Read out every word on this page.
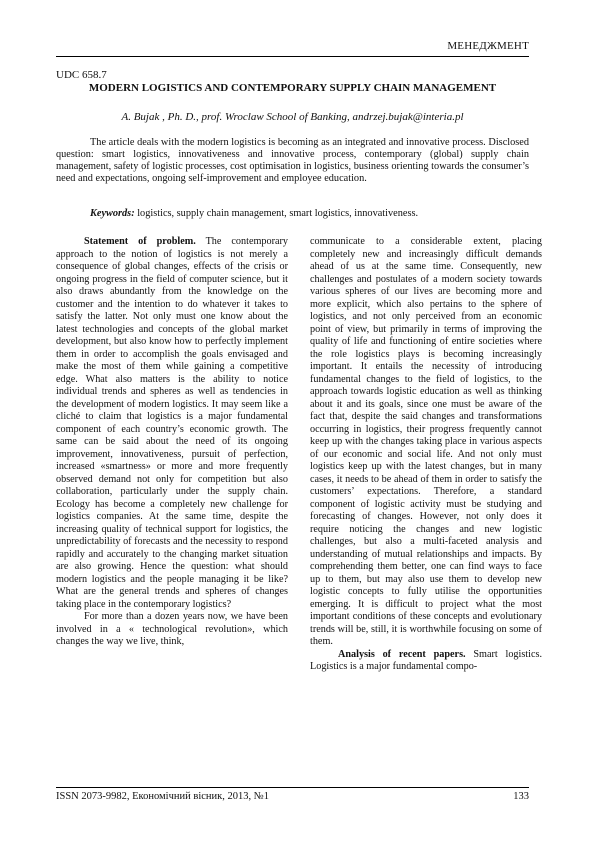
МЕНЕДЖМЕНТ
UDC 658.7
MODERN LOGISTICS AND CONTEMPORARY SUPPLY CHAIN MANAGEMENT
A. Bujak , Ph. D., prof. Wroclaw School of Banking, andrzej.bujak@interia.pl

The article deals with the modern logistics is becoming as an integrated and innovative process. Disclosed question: smart logistics, innovativeness and innovative process, contemporary (global) supply chain management, safety of logistic processes, cost optimisation in logistics, business orienting towards the consumer’s need and expectations, ongoing self-improvement and employee education.

Keywords: logistics, supply chain management, smart logistics, innovativeness.

Statement of problem. The contemporary approach to the notion of logistics is not merely a consequence of global changes, effects of the crisis or ongoing progress in the field of computer science, but it also draws abundantly from the knowledge on the customer and the intention to do whatever it takes to satisfy the latter. Not only must one know about the latest technologies and concepts of the global market development, but also know how to perfectly implement them in order to accomplish the goals envisaged and make the most of them while gaining a competitive edge. What also matters is the ability to notice individual trends and spheres as well as tendencies in the development of modern logistics. It may seem like a cliché to claim that logistics is a major fundamental component of each country’s economic growth. The same can be said about the need of its ongoing improvement, innovativeness, pursuit of perfection, increased «smartness» or more and more frequently observed demand not only for competition but also collaboration, particularly under the supply chain. Ecology has become a completely new challenge for logistics companies. At the same time, despite the increasing quality of technical support for logistics, the unpredictability of forecasts and the necessity to respond rapidly and accurately to the changing market situation are also growing. Hence the question: what should modern logistics and the people managing it be like? What are the general trends and spheres of changes taking place in the contemporary logistics?

For more than a dozen years now, we have been involved in a « technological revolution», which changes the way we live, think,

communicate to a considerable extent, placing completely new and increasingly difficult demands ahead of us at the same time. Consequently, new challenges and postulates of a modern society towards various spheres of our lives are becoming more and more explicit, which also pertains to the sphere of logistics, and not only perceived from an economic point of view, but primarily in terms of improving the quality of life and functioning of entire societies where the role logistics plays is becoming increasingly important. It entails the necessity of introducing fundamental changes to the field of logistics, to the approach towards logistic education as well as thinking about it and its goals, since one must be aware of the fact that, despite the said changes and transformations occurring in logistics, their progress frequently cannot keep up with the changes taking place in various aspects of our economic and social life. And not only must logistics keep up with the latest changes, but in many cases, it needs to be ahead of them in order to satisfy the customers’ expectations. Therefore, a standard component of logistic activity must be studying and forecasting of changes. However, not only does it require noticing the changes and new logistic challenges, but also a multi-faceted analysis and understanding of mutual relationships and impacts. By comprehending them better, one can find ways to face up to them, but may also use them to develop new logistic concepts to fully utilise the opportunities emerging. It is difficult to project what the most important conditions of these concepts and evolutionary trends will be, still, it is worthwhile focusing on some of them.

Analysis of recent papers. Smart logistics. Logistics is a major fundamental compo-

ISSN 2073-9982, Економічний вісник, 2013, №1	133
